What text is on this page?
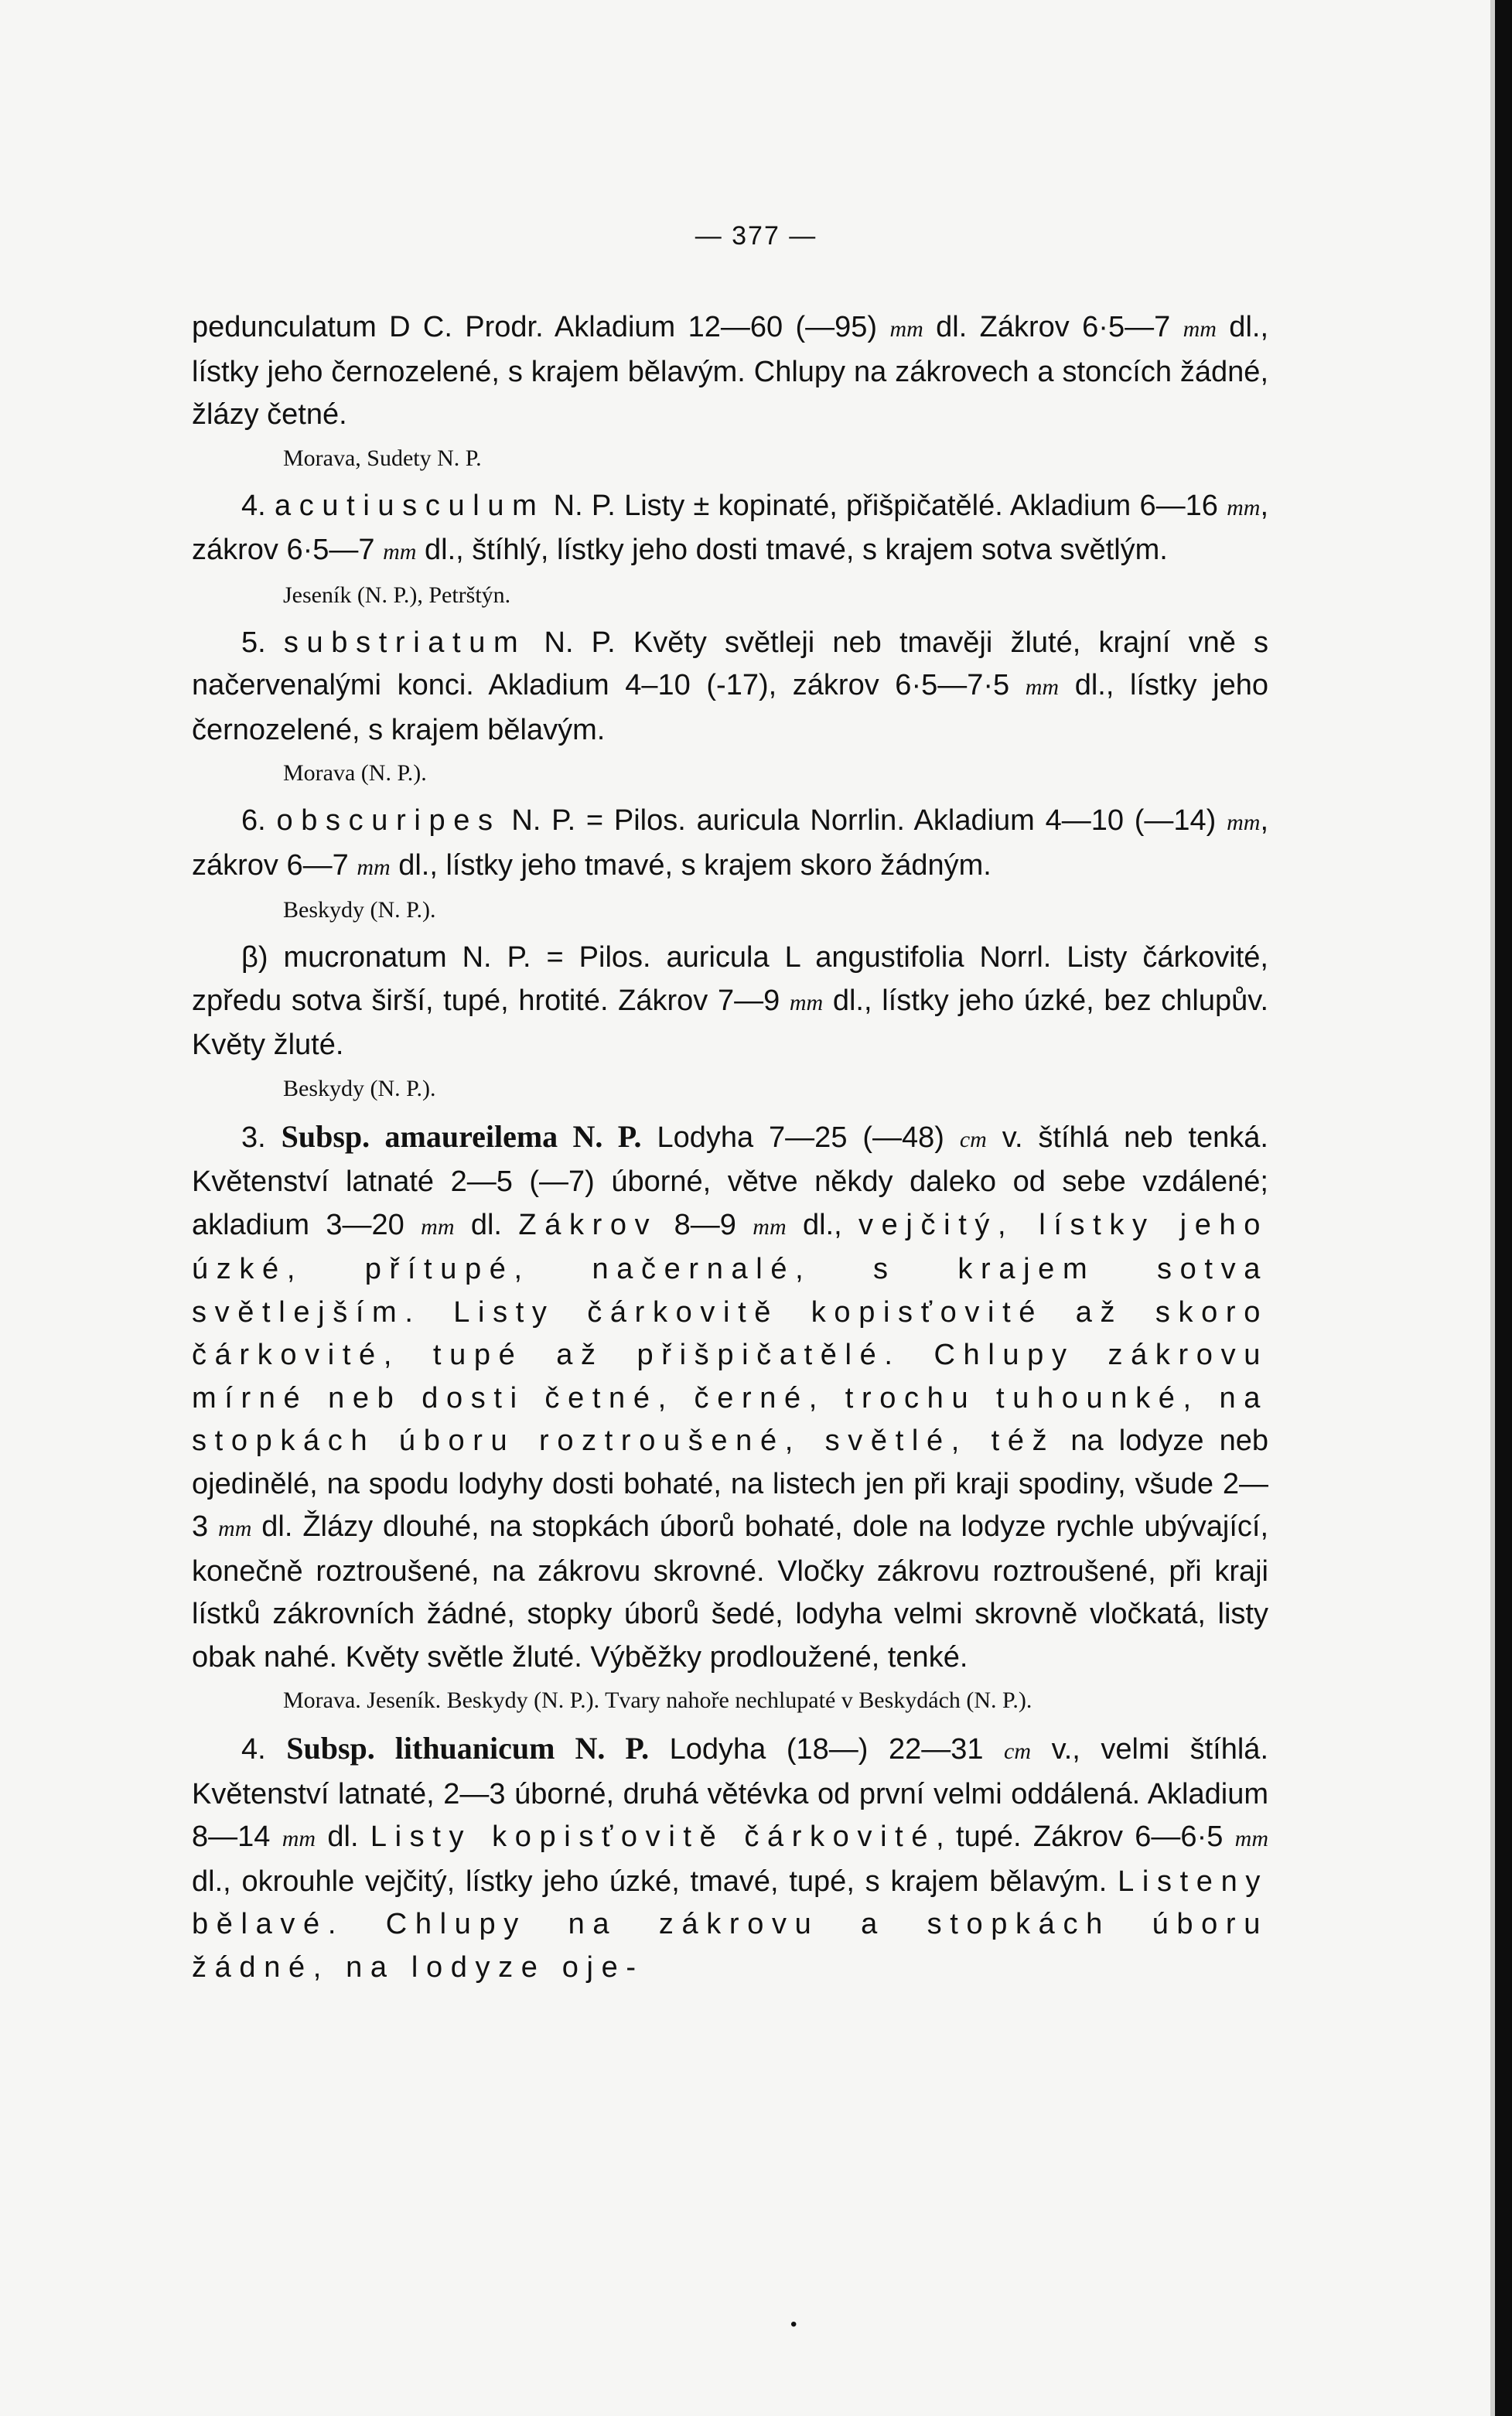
— 377 —

pedunculatum D C. Prodr. Akladium 12—60 (—95) mm dl. Zákrov 6·5—7 mm dl., lístky jeho černozelené, s krajem bělavým. Chlupy na zákrovech a stoncích žádné, žlázy četné.

Morava, Sudety N. P.

4. acutiusculum N. P. Listy ± kopinaté, přišpičatělé. Akladium 6—16 mm, zákrov 6·5—7 mm dl., štíhlý, lístky jeho dosti tmavé, s krajem sotva světlým.

Jeseník (N. P.), Petrštýn.

5. substriatum N. P. Květy světleji neb tmavěji žluté, krajní vně s načervenalými konci. Akladium 4–10 (-17), zákrov 6·5—7·5 mm dl., lístky jeho černozelené, s krajem bělavým.

Morava (N. P.).

6. obscuripes N. P. = Pilos. auricula Norrlin. Akladium 4—10 (—14) mm, zákrov 6—7 mm dl., lístky jeho tmavé, s krajem skoro žádným.

Beskydy (N. P.).

β) mucronatum N. P. = Pilos. auricula L angustifolia Norrl. Listy čárkovité, zpředu sotva širší, tupé, hrotité. Zákrov 7—9 mm dl., lístky jeho úzké, bez chlupův. Květy žluté.

Beskydy (N. P.).

3. Subsp. amaureilema N. P. Lodyha 7—25 (—48) cm v. štíhlá neb tenká. Květenství latnaté 2—5 (—7) úborné, větve někdy daleko od sebe vzdálené; akladium 3—20 mm dl. Zákrov 8—9 mm dl., vejčitý, lístky jeho úzké, přítupé, načernalé, s krajem sotva světlejším. Listy čárkovitě kopisťovité až skoro čárkovité, tupé až přišpičatělé. Chlupy zákrovu mírné neb dosti četné, černé, trochu tuhounké, na stopkách úboru roztroušené, světlé, též na lodyze neb ojedinělé, na spodu lodyhy dosti bohaté, na listech jen při kraji spodiny, všude 2—3 mm dl. Žlázy dlouhé, na stopkách úborů bohaté, dole na lodyze rychle ubývající, konečně roztroušené, na zákrovu skrovné. Vločky zákrovu roztroušené, při kraji lístků zákrovních žádné, stopky úborů šedé, lodyha velmi skrovně vločkatá, listy obak nahé. Květy světle žluté. Výběžky prodloužené, tenké.

Morava. Jeseník. Beskydy (N. P.). Tvary nahoře nechlupaté v Beskydách (N. P.).

4. Subsp. lithuanicum N. P. Lodyha (18—) 22—31 cm v., velmi štíhlá. Květenství latnaté, 2—3 úborné, druhá větévka od první velmi oddálená. Akladium 8—14 mm dl. Listy kopisťovitě čárkovité, tupé. Zákrov 6—6·5 mm dl., okrouhle vejčitý, lístky jeho úzké, tmavé, tupé, s krajem bělavým. Listeny bělavé. Chlupy na zákrovu a stopkách úboru žádné, na lodyze oje-

•
